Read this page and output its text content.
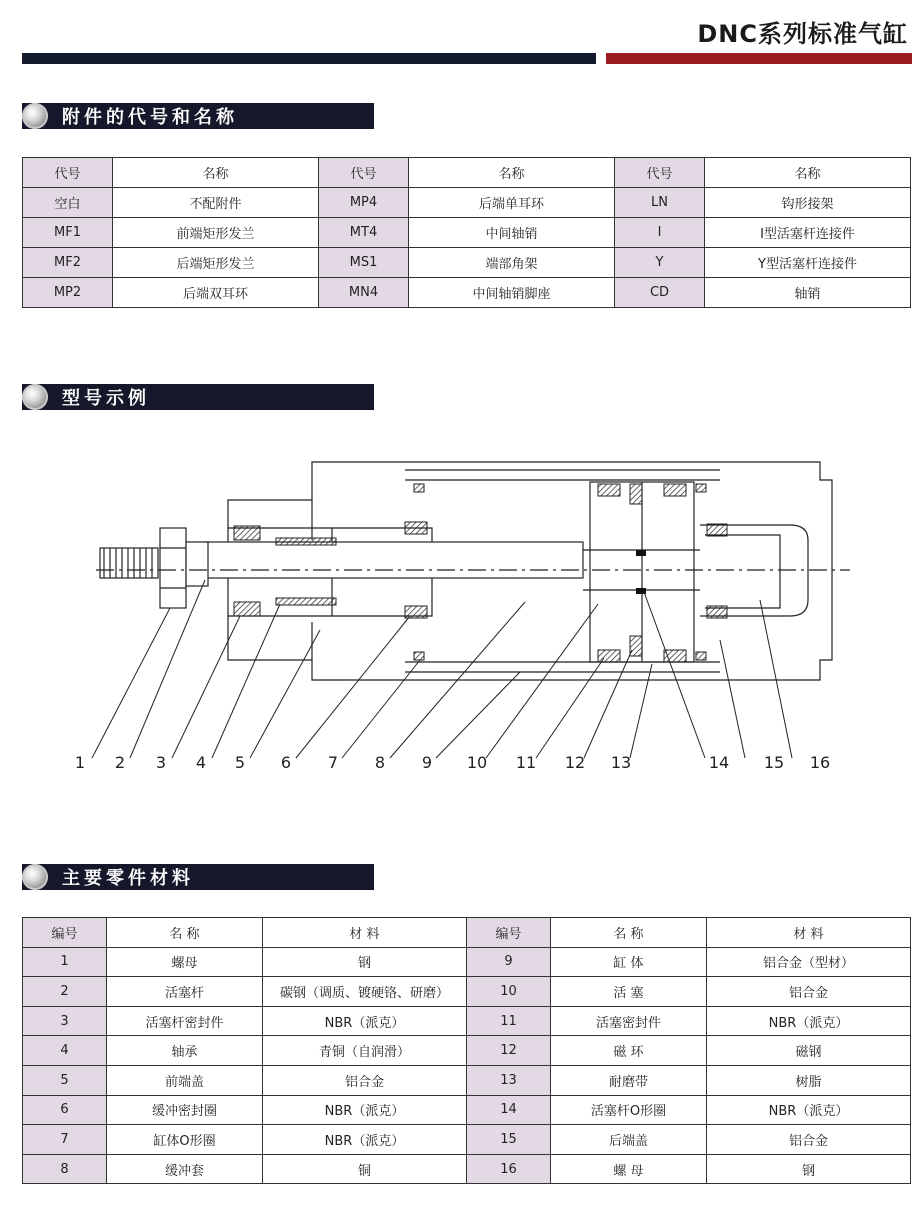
DNC系列标准气缸
附件的代号和名称
代号	名称	代号	名称	代号	名称
空白	不配附件	MP4	后端单耳环	LN	钩形接架
MF1	前端矩形发兰	MT4	中间轴销	I	I型活塞杆连接件
MF2	后端矩形发兰	MS1	端部角架	Y	Y型活塞杆连接件
MP2	后端双耳环	MN4	中间轴销脚座	CD	轴销
型号示例
1 2 3 4 5 6 7 8 9 10 11 12 13	14 15 16
主要零件材料
编号	名 称	材 料	编号	名 称	材 料
1	螺母	钢	9	缸 体	铝合金（型材）
2	活塞杆	碳钢（调质、镀硬铬、研磨）	10	活 塞	铝合金
3	活塞杆密封件	NBR（派克）	11	活塞密封件	NBR（派克）
4	轴承	青铜（自润滑）	12	磁 环	磁钢
5	前端盖	铝合金	13	耐磨带	树脂
6	缓冲密封圈	NBR（派克）	14	活塞杆O形圈	NBR（派克）
7	缸体O形圈	NBR（派克）	15	后端盖	铝合金
8	缓冲套	铜	16	螺 母	钢
